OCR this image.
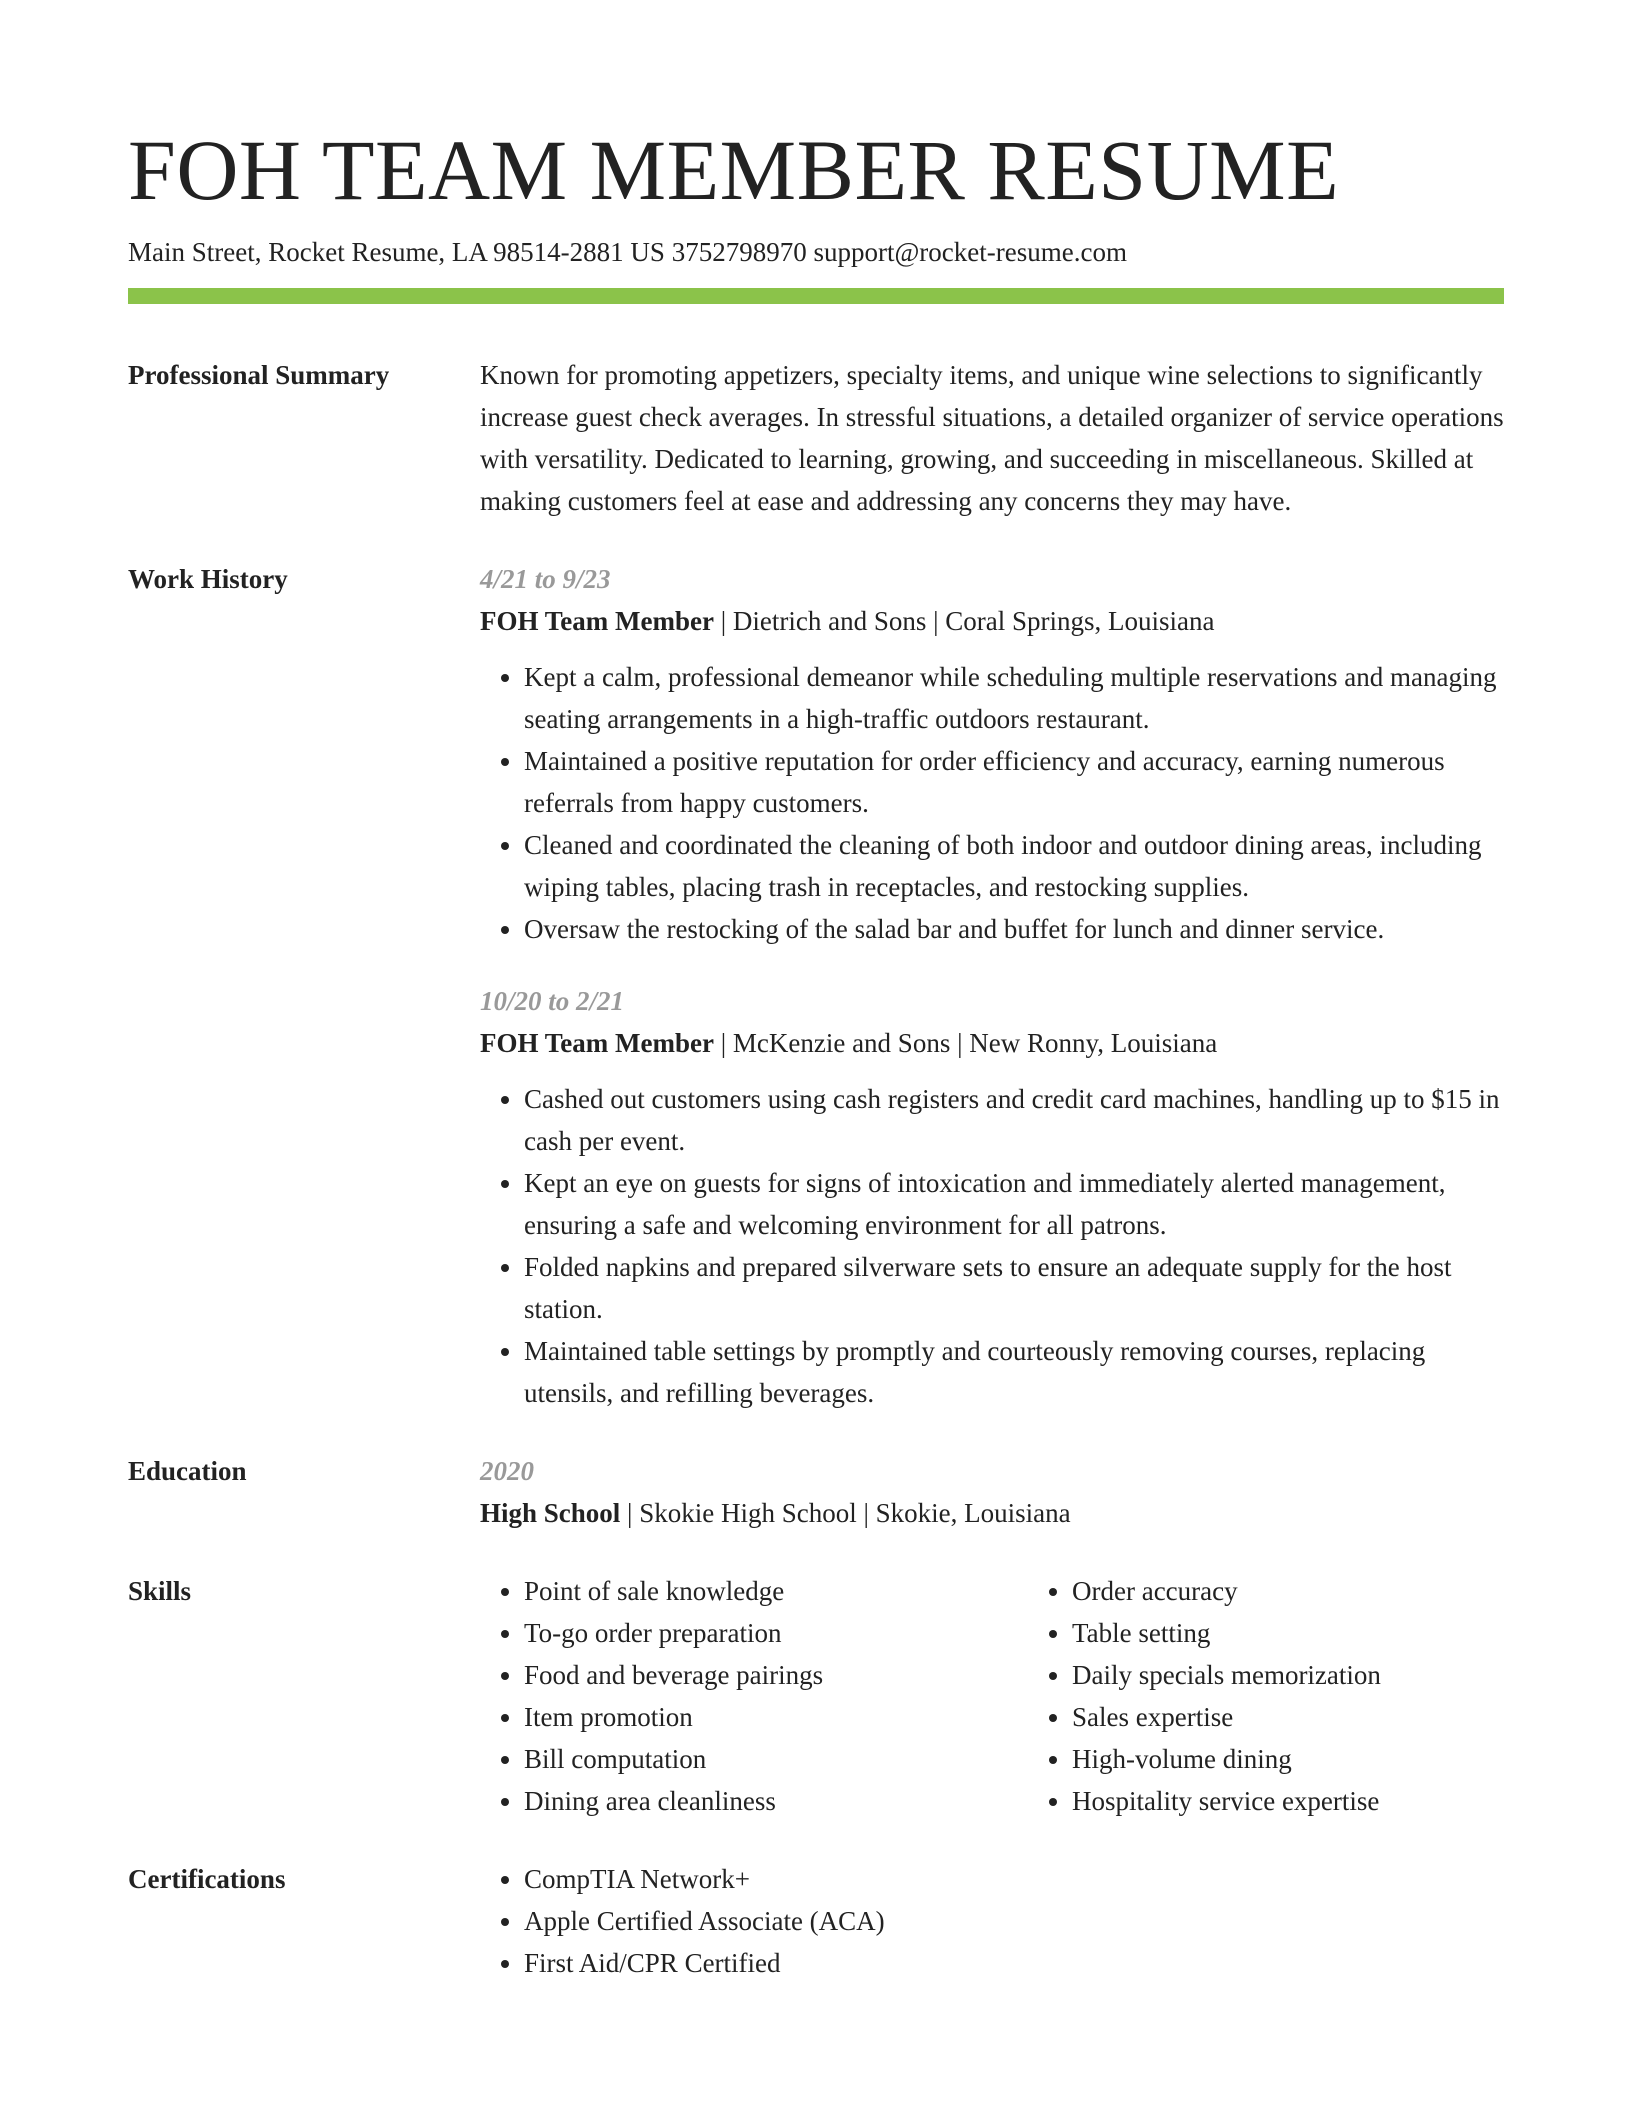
FOH TEAM MEMBER RESUME
Main Street, Rocket Resume, LA 98514-2881 US 3752798970 support@rocket-resume.com
Professional Summary	Known for promoting appetizers, specialty items, and unique wine selections to significantly increase guest check averages. In stressful situations, a detailed organizer of service operations with versatility. Dedicated to learning, growing, and succeeding in miscellaneous. Skilled at making customers feel at ease and addressing any concerns they may have.
Work History	4/21 to 9/23
FOH Team Member | Dietrich and Sons | Coral Springs, Louisiana
• Kept a calm, professional demeanor while scheduling multiple reservations and managing seating arrangements in a high-traffic outdoors restaurant.
• Maintained a positive reputation for order efficiency and accuracy, earning numerous referrals from happy customers.
• Cleaned and coordinated the cleaning of both indoor and outdoor dining areas, including wiping tables, placing trash in receptacles, and restocking supplies.
• Oversaw the restocking of the salad bar and buffet for lunch and dinner service.
10/20 to 2/21
FOH Team Member | McKenzie and Sons | New Ronny, Louisiana
• Cashed out customers using cash registers and credit card machines, handling up to $15 in cash per event.
• Kept an eye on guests for signs of intoxication and immediately alerted management, ensuring a safe and welcoming environment for all patrons.
• Folded napkins and prepared silverware sets to ensure an adequate supply for the host station.
• Maintained table settings by promptly and courteously removing courses, replacing utensils, and refilling beverages.
Education	2020
High School | Skokie High School | Skokie, Louisiana
Skills	• Point of sale knowledge
• To-go order preparation
• Food and beverage pairings
• Item promotion
• Bill computation
• Dining area cleanliness
• Order accuracy
• Table setting
• Daily specials memorization
• Sales expertise
• High-volume dining
• Hospitality service expertise
Certifications	• CompTIA Network+
• Apple Certified Associate (ACA)
• First Aid/CPR Certified
